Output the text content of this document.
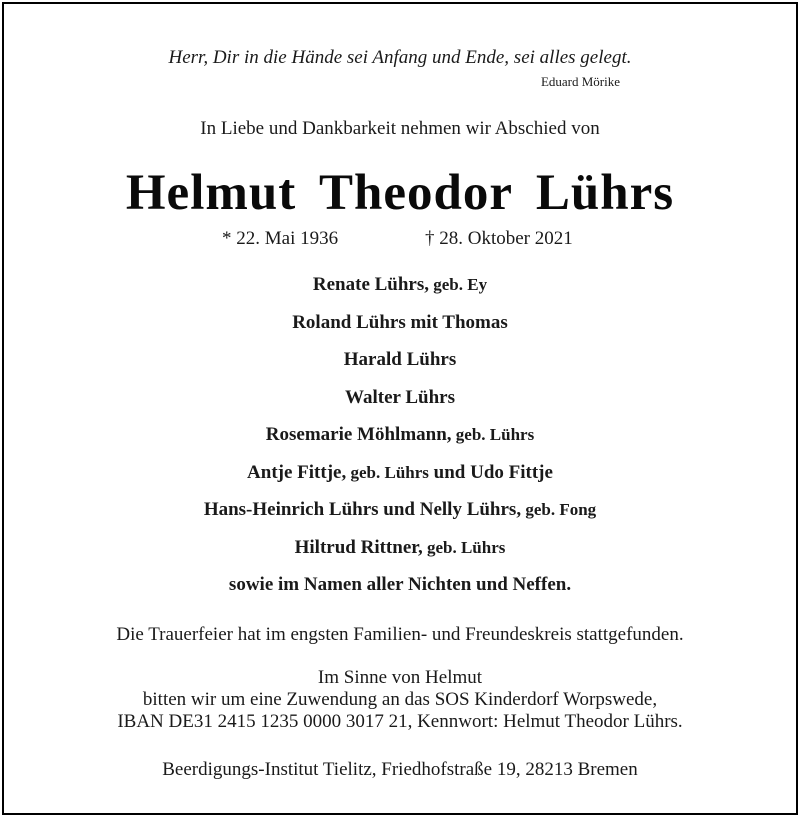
Herr, Dir in die Hände sei Anfang und Ende, sei alles gelegt.
Eduard Mörike
In Liebe und Dankbarkeit nehmen wir Abschied von
Helmut Theodor Lührs
* 22. Mai 1936	† 28. Oktober 2021
Renate Lührs, geb. Ey
Roland Lührs mit Thomas
Harald Lührs
Walter Lührs
Rosemarie Möhlmann, geb. Lührs
Antje Fittje, geb. Lührs und Udo Fittje
Hans-Heinrich Lührs und Nelly Lührs, geb. Fong
Hiltrud Rittner, geb. Lührs
sowie im Namen aller Nichten und Neffen.
Die Trauerfeier hat im engsten Familien- und Freundeskreis stattgefunden.
Im Sinne von Helmut
bitten wir um eine Zuwendung an das SOS Kinderdorf Worpswede,
IBAN DE31 2415 1235 0000 3017 21, Kennwort: Helmut Theodor Lührs.
Beerdigungs-Institut Tielitz, Friedhofstraße 19, 28213 Bremen
